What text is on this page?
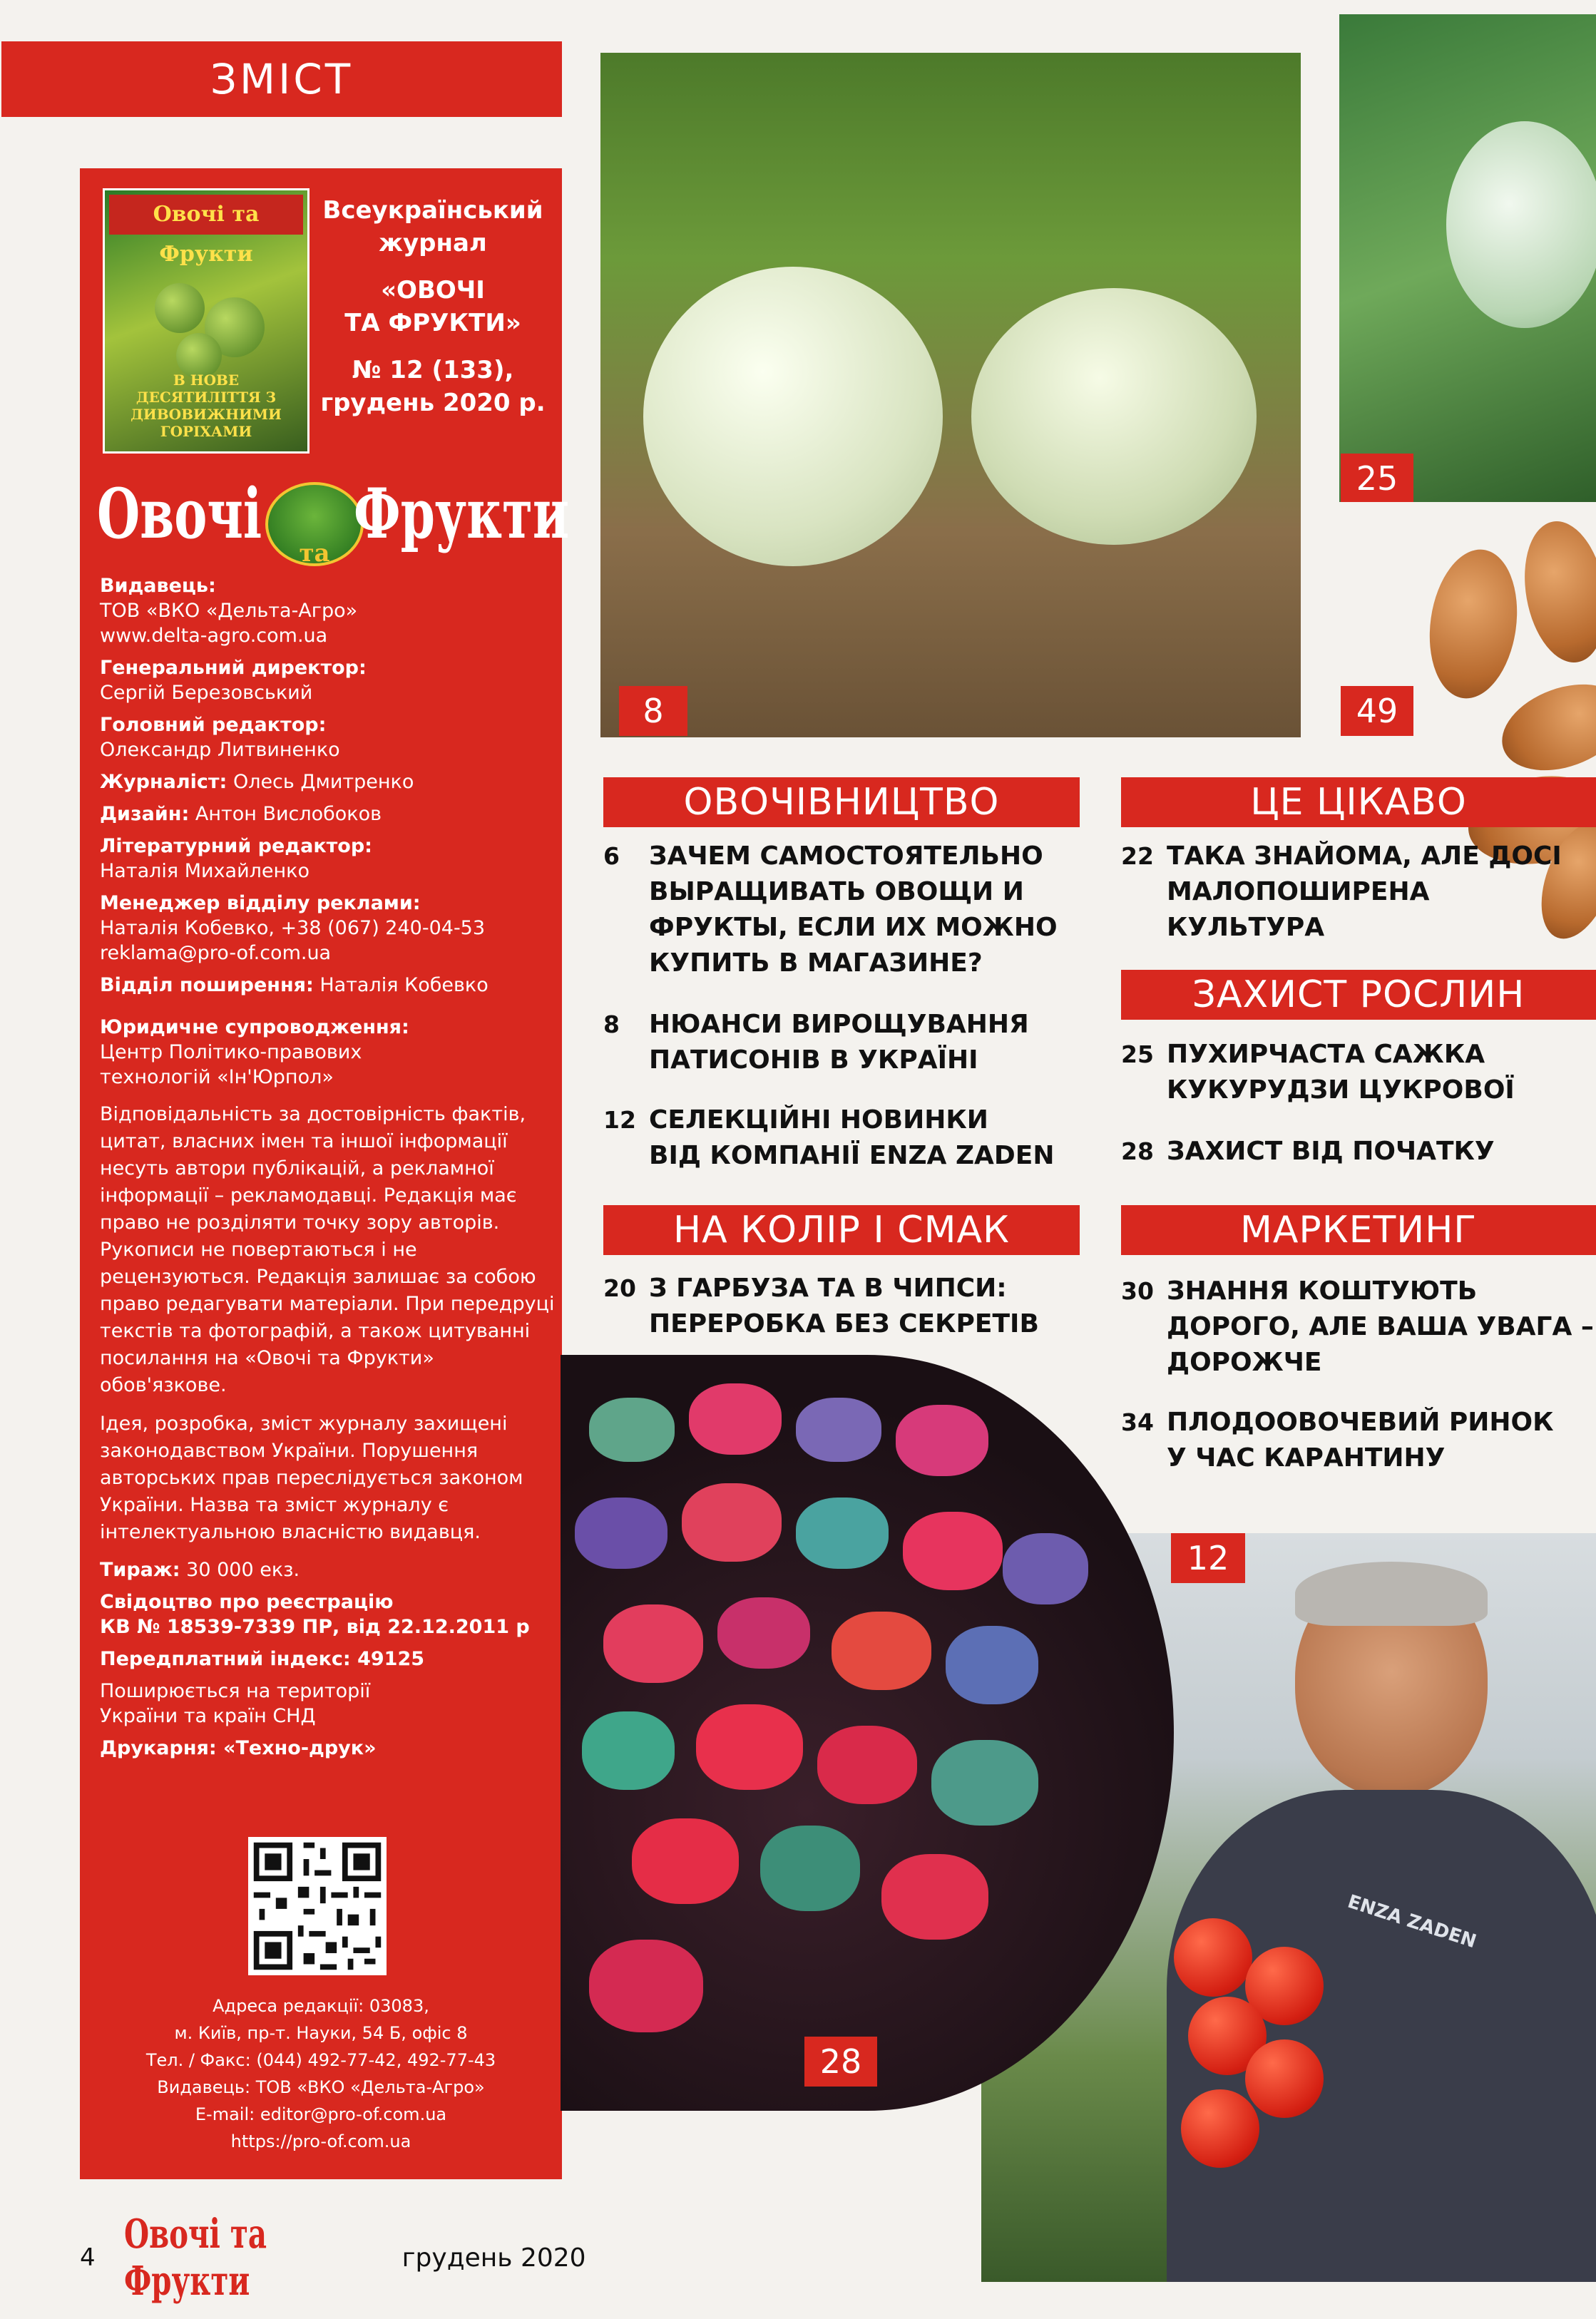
ЗМІСТ
Овочі та Фрукти
В НОВЕ ДЕСЯТИЛІТТЯ З ДИВОВИЖНИМИ ГОРІХАМИ
Всеукраїнський
журнал
«ОВОЧІ
ТА ФРУКТИ»
№ 12 (133),
грудень 2020 р.
Овочі	та Фрукти
Видавець:
ТОВ «ВКО «Дельта-Агро»
www.delta-agro.com.ua
Генеральний директор:
Сергій Березовський
Головний редактор:
Олександр Литвиненко
Журналіст: Олесь Дмитренко
Дизайн: Антон Вислобоков
Літературний редактор:
Наталія Михайленко
Менеджер відділу реклами:
Наталія Кобевко, +38 (067) 240-04-53
reklama@pro-of.com.ua
Відділ поширення: Наталія Кобевко
Юридичне супроводження:
Центр Політико-правових
технологій «Ін'Юрпол»

Відповідальність за достовірність фактів, цитат, власних імен та іншої інформації несуть автори публікацій, а рекламної інформації – рекламодавці. Редакція має право не розділяти точку зору авторів. Рукописи не повертаються і не рецензуються. Редакція залишає за собою право редагувати матеріали. При передруці текстів та фотографій, а також цитуванні посилання на «Овочі та Фрукти» обов'язкове.

Ідея, розробка, зміст журналу захищені законодавством України. Порушення авторських прав переслідується законом України. Назва та зміст журналу є інтелектуальною власністю видавця.

Тираж: 30 000 екз.
Свідоцтво про реєстрацію
КВ № 18539-7339 ПР, від 22.12.2011 р
Передплатний індекс: 49125
Поширюється на території
України та країн СНД
Друкарня: «Техно-друк»
Адреса редакції: 03083,
м. Київ, пр-т. Науки, 54 Б, офіс 8
Тел. / Факс: (044) 492-77-42, 492-77-43
Видавець: ТОВ «ВКО «Дельта-Агро»
E-mail: editor@pro-of.com.ua
https://pro-of.com.ua
8
25
49
ОВОЧІВНИЦТВО
6	ЗАЧЕМ САМОСТОЯТЕЛЬНО
ВЫРАЩИВАТЬ ОВОЩИ И
ФРУКТЫ, ЕСЛИ ИХ МОЖНО
КУПИТЬ В МАГАЗИНЕ?
8	НЮАНСИ ВИРОЩУВАННЯ
ПАТИСОНІВ В УКРАЇНІ
12 СЕЛЕКЦІЙНІ НОВИНКИ
ВІД КОМПАНІЇ ENZA ZADEN
НА КОЛІР І СМАК
20 З ГАРБУЗА ТА В ЧИПСИ:
ПЕРЕРОБКА БЕЗ СЕКРЕТІВ
ЦЕ ЦІКАВО
22 ТАКА ЗНАЙОМА, АЛЕ ДОСІ
МАЛОПОШИРЕНА
КУЛЬТУРА
ЗАХИСТ РОСЛИН
25 ПУХИРЧАСТА САЖКА
КУКУРУДЗИ ЦУКРОВОЇ
28 ЗАХИСТ ВІД ПОЧАТКУ
МАРКЕТИНГ
30 ЗНАННЯ КОШТУЮТЬ
ДОРОГО, АЛЕ ВАША УВАГА –
ДОРОЖЧЕ
34 ПЛОДООВОЧЕВИЙ РИНОК
У ЧАС КАРАНТИНУ
ENZA ZADEN
12
28
4 Овочі та Фрукти	грудень 2020
